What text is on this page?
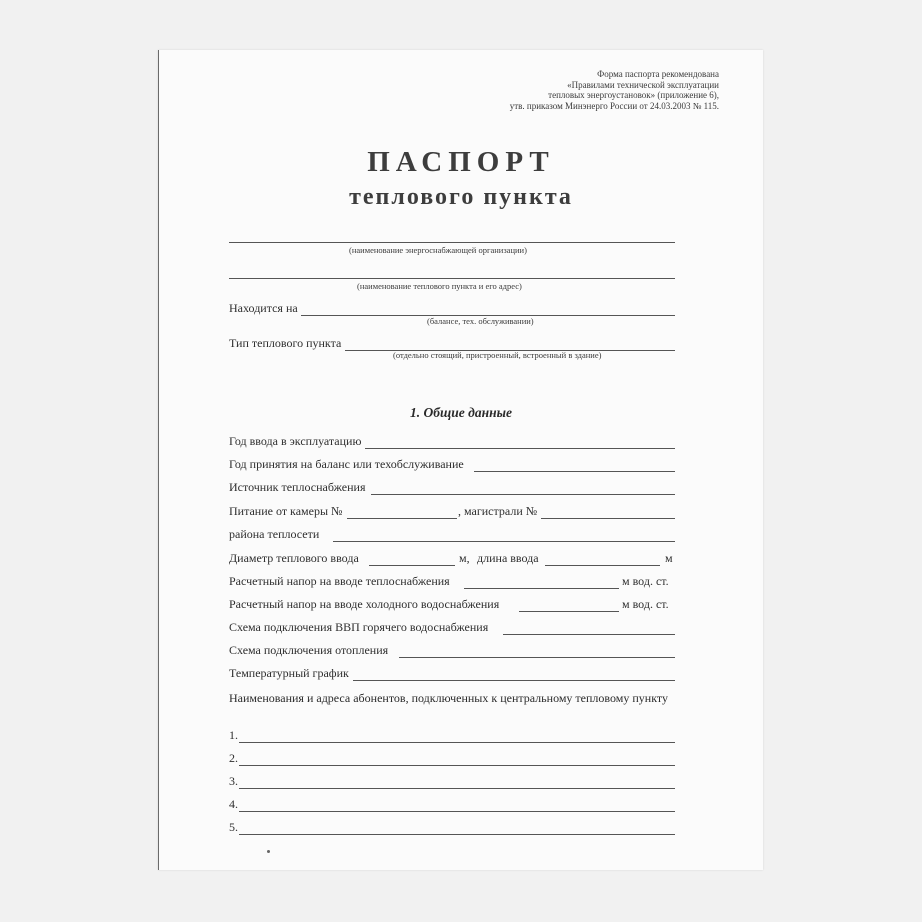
Форма паспорта рекомендована
«Правилами технической эксплуатации
тепловых энергоустановок» (приложение 6),
утв. приказом Минэнерго России от 24.03.2003 № 115.
ПАСПОРТ
теплового пункта
(наименование энергоснабжающей организации)
(наименование теплового пункта и его адрес)
Находится на
(балансе, тех. обслуживании)
Тип теплового пункта
(отдельно стоящий, пристроенный, встроенный в здание)
1. Общие данные
Год ввода в эксплуатацию
Год принятия на баланс или техобслуживание
Источник теплоснабжения
Питание от камеры №	, магистрали №
района теплосети
Диаметр теплового ввода	м, длина ввода	м
Расчетный напор на вводе теплоснабжения	м вод. ст.
Расчетный напор на вводе холодного водоснабжения	м вод. ст.
Схема подключения ВВП горячего водоснабжения
Схема подключения отопления
Температурный график
Наименования и адреса абонентов, подключенных к центральному тепловому пункту
1.
2.
3.
4.
5.
